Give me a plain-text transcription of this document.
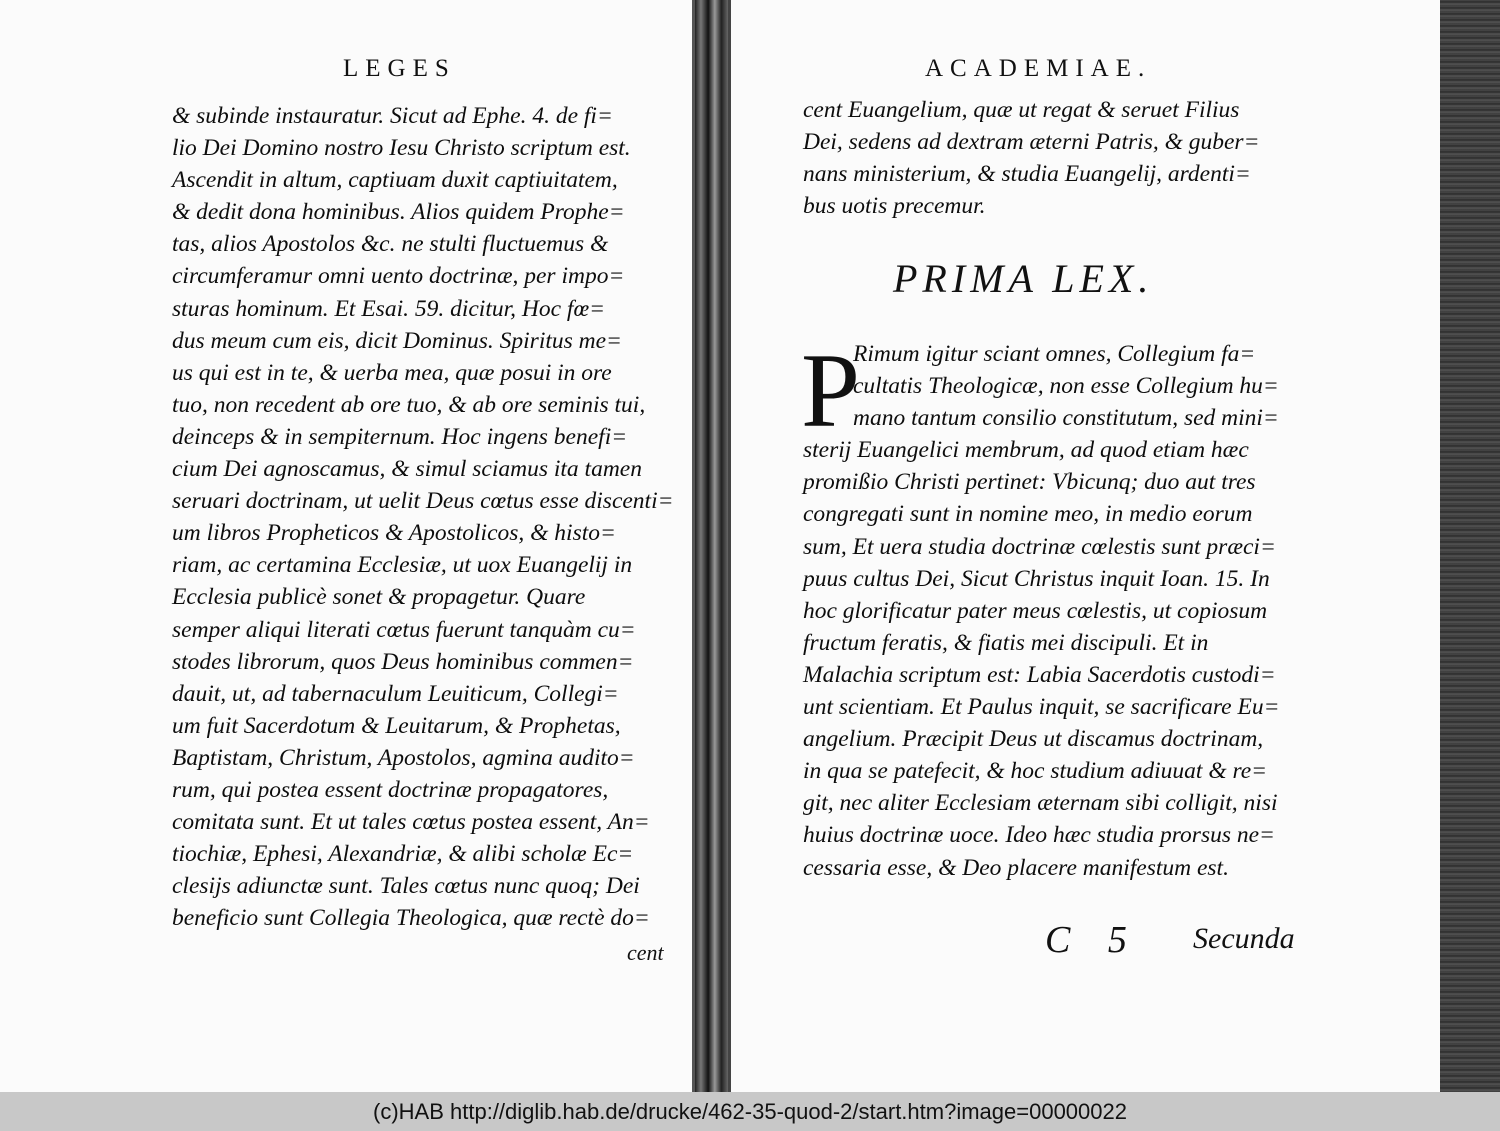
LEGES
& subinde instauratur. Sicut ad Ephe. 4. de fi=
lio Dei Domino nostro Iesu Christo scriptum est.
Ascendit in altum, captiuam duxit captiuitatem,
& dedit dona hominibus. Alios quidem Prophe=
tas, alios Apostolos &c. ne stulti fluctuemus &
circumferamur omni uento doctrinæ, per impo=
sturas hominum. Et Esai. 59. dicitur, Hoc fœ=
dus meum cum eis, dicit Dominus. Spiritus me=
us qui est in te, & uerba mea, quæ posui in ore
tuo, non recedent ab ore tuo, & ab ore seminis tui,
deinceps & in sempiternum. Hoc ingens benefi=
cium Dei agnoscamus, & simul sciamus ita tamen
seruari doctrinam, ut uelit Deus cœtus esse discenti=
um libros Propheticos & Apostolicos, & histo=
riam, ac certamina Ecclesiæ, ut uox Euangelij in
Ecclesia publicè sonet & propagetur. Quare
semper aliqui literati cœtus fuerunt tanquàm cu=
stodes librorum, quos Deus hominibus commen=
dauit, ut, ad tabernaculum Leuiticum, Collegi=
um fuit Sacerdotum & Leuitarum, & Prophetas,
Baptistam, Christum, Apostolos, agmina audito=
rum, qui postea essent doctrinæ propagatores,
comitata sunt. Et ut tales cœtus postea essent, An=
tiochiæ, Ephesi, Alexandriæ, & alibi scholæ Ec=
clesijs adiunctæ sunt. Tales cœtus nunc quoq; Dei
beneficio sunt Collegia Theologica, quæ rectè do=
cent
ACADEMIAE.
cent Euangelium, quæ ut regat & seruet Filius
Dei, sedens ad dextram æterni Patris, & guber=
nans ministerium, & studia Euangelij, ardenti=
bus uotis precemur.
PRIMA LEX.
P
Rimum igitur sciant omnes, Collegium fa=
cultatis Theologicæ, non esse Collegium hu=
mano tantum consilio constitutum, sed mini=
sterij Euangelici membrum, ad quod etiam hæc
promißio Christi pertinet: Vbicunq; duo aut tres
congregati sunt in nomine meo, in medio eorum
sum, Et uera studia doctrinæ cœlestis sunt præci=
puus cultus Dei, Sicut Christus inquit Ioan. 15. In
hoc glorificatur pater meus cœlestis, ut copiosum
fructum feratis, & fiatis mei discipuli. Et in
Malachia scriptum est: Labia Sacerdotis custodi=
unt scientiam. Et Paulus inquit, se sacrificare Eu=
angelium. Præcipit Deus ut discamus doctrinam,
in qua se patefecit, & hoc studium adiuuat & re=
git, nec aliter Ecclesiam æternam sibi colligit, nisi
huius doctrinæ uoce. Ideo hæc studia prorsus ne=
cessaria esse, & Deo placere manifestum est.
C 5 Secunda
(c)HAB http://diglib.hab.de/drucke/462-35-quod-2/start.htm?image=00000022
